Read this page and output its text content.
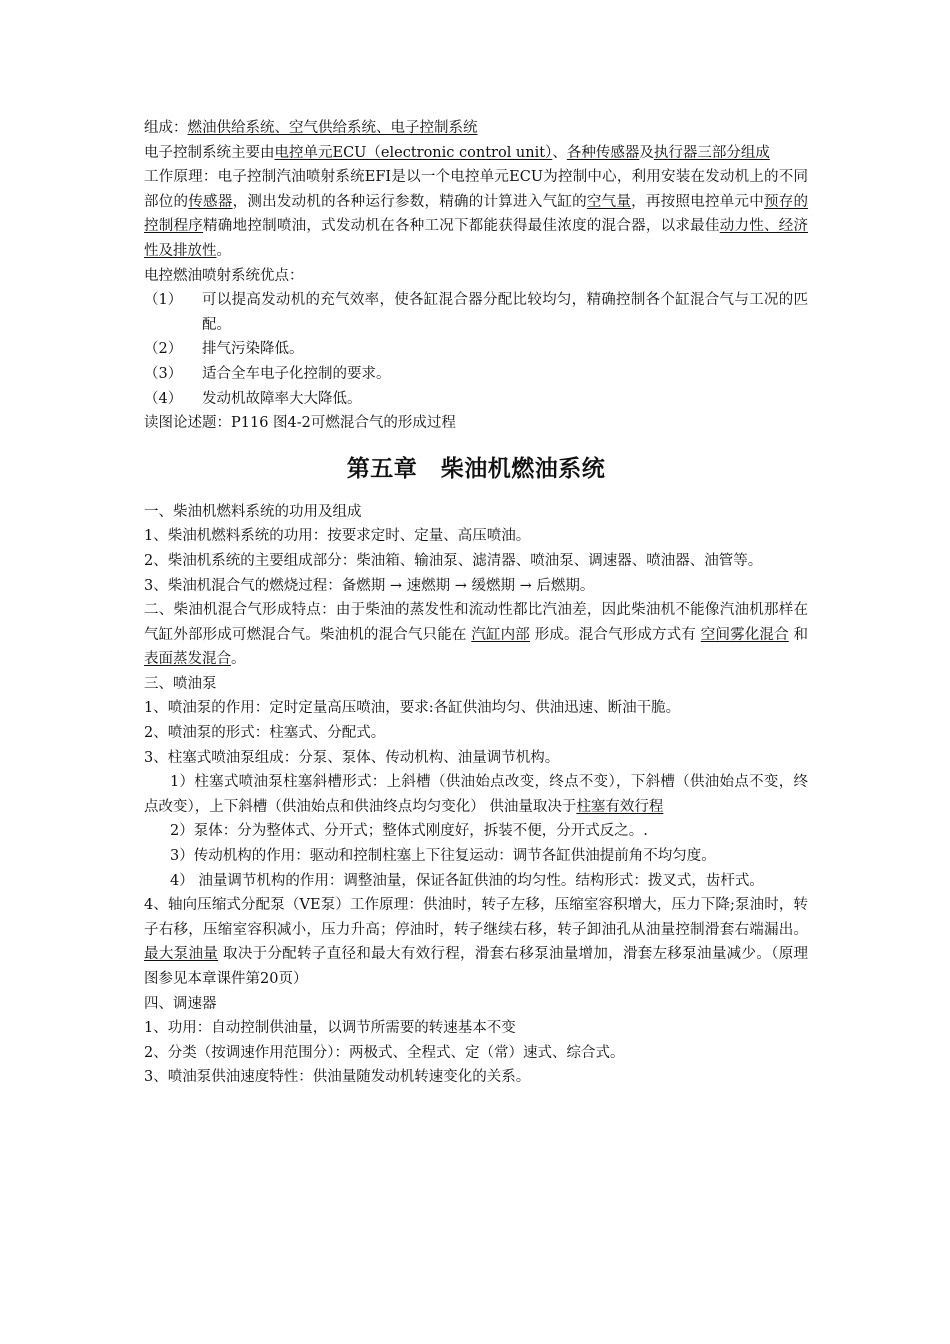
组成：燃油供给系统、空气供给系统、电子控制系统

电子控制系统主要由电控单元ECU（electronic control unit）、各种传感器及执行器三部分组成

工作原理：电子控制汽油喷射系统EFI是以一个电控单元ECU为控制中心，利用安装在发动机上的不同部位的传感器，测出发动机的各种运行参数，精确的计算进入气缸的空气量，再按照电控单元中预存的控制程序精确地控制喷油，式发动机在各种工况下都能获得最佳浓度的混合器，以求最佳动力性、经济性及排放性。

电控燃油喷射系统优点：

（1）	可以提高发动机的充气效率，使各缸混合器分配比较均匀，精确控制各个缸混合气与工况的匹配。
（2）	排气污染降低。
（3）	适合全车电子化控制的要求。
（4）	发动机故障率大大降低。

读图论述题：P116 图4-2可燃混合气的形成过程

第五章　柴油机燃油系统

一、柴油机燃料系统的功用及组成

1、柴油机燃料系统的功用：按要求定时、定量、高压喷油。

2、柴油机系统的主要组成部分：柴油箱、输油泵、滤清器、喷油泵、调速器、喷油器、油管等。

3、柴油机混合气的燃烧过程：备燃期 → 速燃期 → 缓燃期 → 后燃期。

二、柴油机混合气形成特点：由于柴油的蒸发性和流动性都比汽油差，因此柴油机不能像汽油机那样在气缸外部形成可燃混合气。柴油机的混合气只能在 汽缸内部 形成。混合气形成方式有 空间雾化混合 和 表面蒸发混合。

三、喷油泵

1、喷油泵的作用：定时定量高压喷油，要求:各缸供油均匀、供油迅速、断油干脆。

2、喷油泵的形式：柱塞式、分配式。

3、柱塞式喷油泵组成：分泵、泵体、传动机构、油量调节机构。

1）柱塞式喷油泵柱塞斜槽形式：上斜槽（供油始点改变，终点不变），下斜槽（供油始点不变，终点改变），上下斜槽（供油始点和供油终点均匀变化） 供油量取决于柱塞有效行程

2）泵体：分为整体式、分开式；整体式刚度好，拆装不便，分开式反之。.

3）传动机构的作用：驱动和控制柱塞上下往复运动：调节各缸供油提前角不均匀度。

4） 油量调节机构的作用：调整油量，保证各缸供油的均匀性。结构形式：拨叉式，齿杆式。

4、轴向压缩式分配泵（VE泵）工作原理：供油时，转子左移，压缩室容积增大，压力下降;泵油时，转子右移，压缩室容积减小，压力升高；停油时，转子继续右移，转子卸油孔从油量控制滑套右端漏出。最大泵油量 取决于分配转子直径和最大有效行程，滑套右移泵油量增加，滑套左移泵油量减少。（原理图参见本章课件第20页）

四、调速器

1、功用：自动控制供油量，以调节所需要的转速基本不变

2、分类（按调速作用范围分）：两极式、全程式、定（常）速式、综合式。

3、喷油泵供油速度特性：供油量随发动机转速变化的关系。
